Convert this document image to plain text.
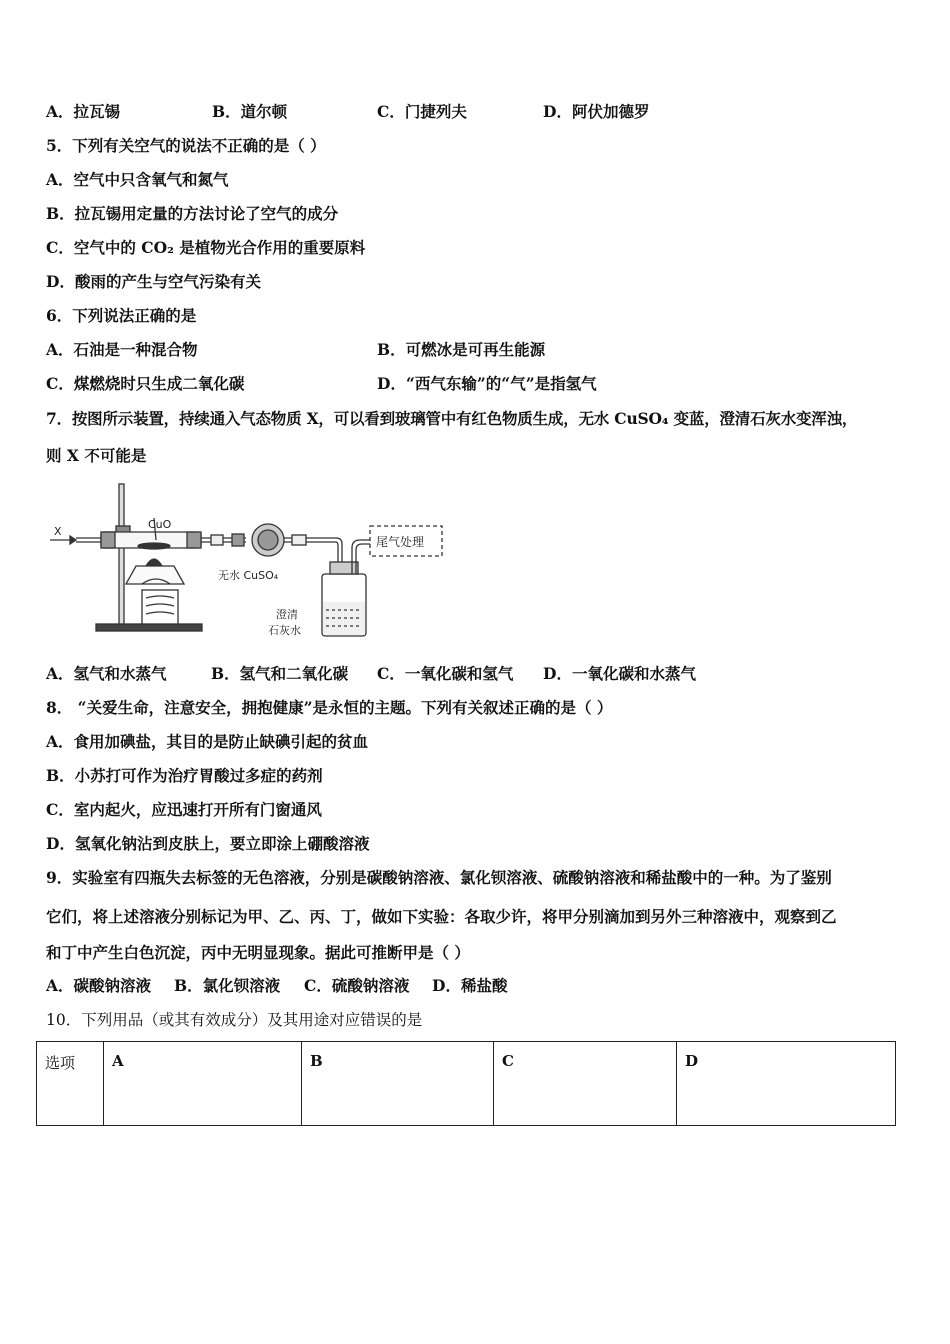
A．拉瓦锡	B．道尔顿	C．门捷列夫	D．阿伏加德罗
5．下列有关空气的说法不正确的是（ ）
A．空气中只含氧气和氮气
B．拉瓦锡用定量的方法讨论了空气的成分
C．空气中的 CO₂ 是植物光合作用的重要原料
D．酸雨的产生与空气污染有关
6．下列说法正确的是
A．石油是一种混合物	B．可燃冰是可再生能源
C．煤燃烧时只生成二氧化碳	D．“西气东输”的“气”是指氢气
7．按图所示装置，持续通入气态物质 X，可以看到玻璃管中有红色物质生成，无水 CuSO₄ 变蓝，澄清石灰水变浑浊，
则 X 不可能是
X
CuO
无水 CuSO₄
尾气处理
澄清
石灰水
A．氢气和水蒸气	B．氢气和二氧化碳 C．一氧化碳和氢气 D．一氧化碳和水蒸气
8． “关爱生命，注意安全，拥抱健康”是永恒的主题。下列有关叙述正确的是（ ）
A．食用加碘盐，其目的是防止缺碘引起的贫血
B．小苏打可作为治疗胃酸过多症的药剂
C．室内起火，应迅速打开所有门窗通风
D．氢氧化钠沾到皮肤上，要立即涂上硼酸溶液
9．实验室有四瓶失去标签的无色溶液，分别是碳酸钠溶液、氯化钡溶液、硫酸钠溶液和稀盐酸中的一种。为了鉴别
它们，将上述溶液分别标记为甲、乙、丙、丁，做如下实验：各取少许，将甲分别滴加到另外三种溶液中，观察到乙
和丁中产生白色沉淀，丙中无明显现象。据此可推断甲是（ ）
A．碳酸钠溶液 B．氯化钡溶液 C．硫酸钠溶液 D．稀盐酸
10．下列用品（或其有效成分）及其用途对应错误的是
选项	A	B	C	D
